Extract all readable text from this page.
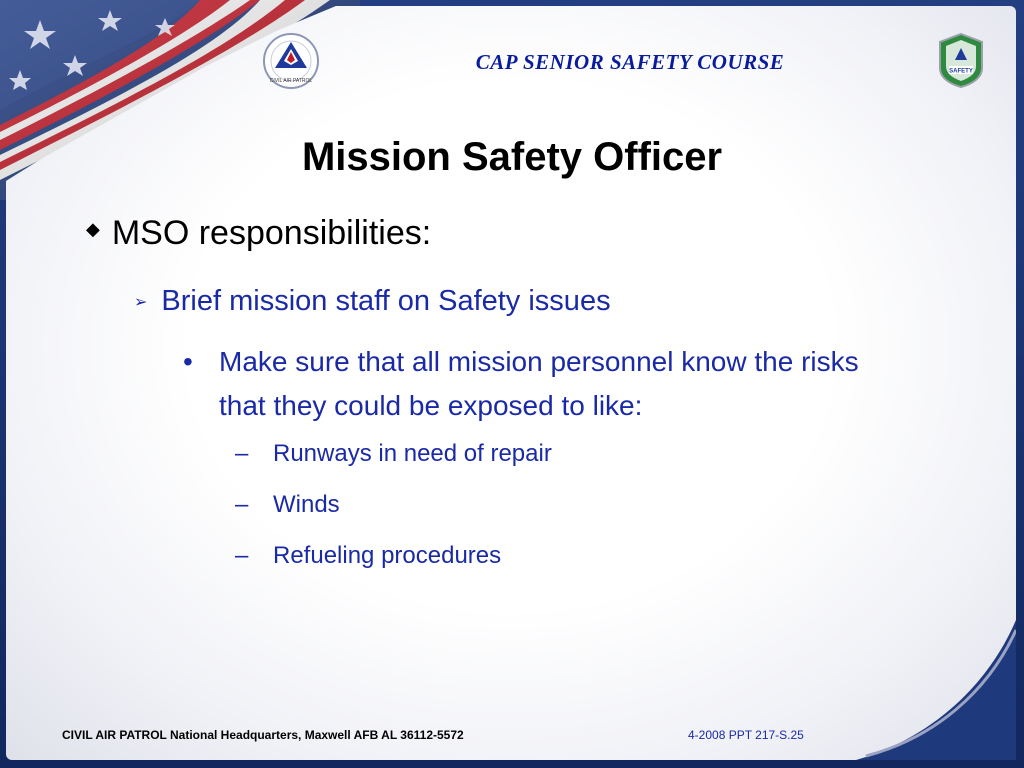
CIVIL AIR PATROL
CAP SENIOR SAFETY COURSE	SAFETY
Mission Safety Officer
◆ MSO responsibilities:
➢ Brief mission staff on Safety issues
• Make sure that all mission personnel know the risks that they could be exposed to like:
–	Runways in need of repair
–	Winds
–	Refueling procedures
CIVIL AIR PATROL National Headquarters, Maxwell AFB AL 36112-5572	4-2008 PPT 217-S.25
